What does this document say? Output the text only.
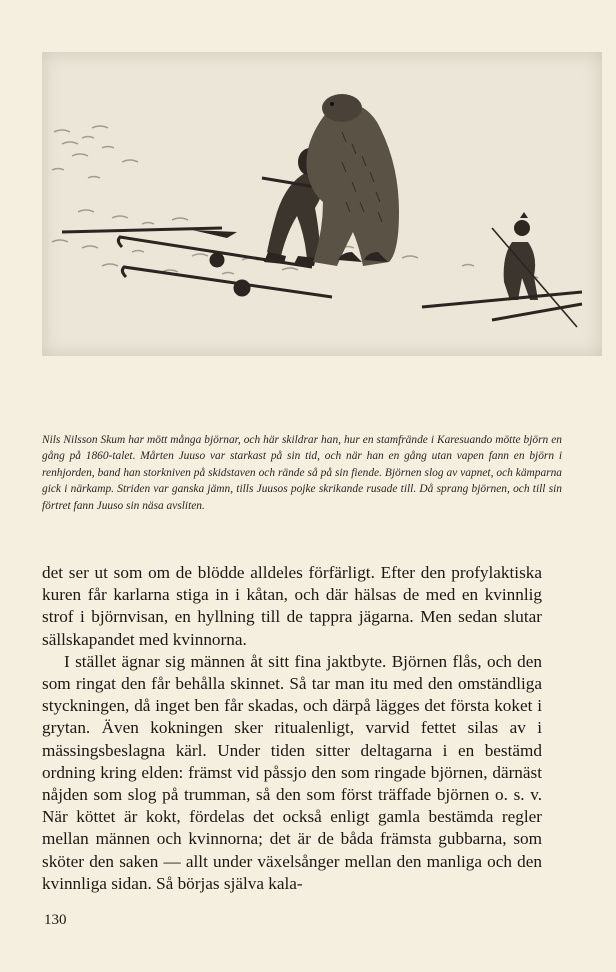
Nils Nilsson Skum har mött många björnar, och här skildrar han, hur en stamfrände i Karesuando mötte björn en gång på 1860-talet. Mårten Juuso var starkast på sin tid, och när han en gång utan vapen fann en björn i renhjorden, band han storkniven på skidstaven och rände så på sin fiende. Björnen slog av vapnet, och kämparna gick i närkamp. Striden var ganska jämn, tills Juusos pojke skrikande rusade till. Då sprang björnen, och till sin förtret fann Juuso sin näsa avsliten.

det ser ut som om de blödde alldeles förfärligt. Efter den profylaktiska kuren får karlarna stiga in i kåtan, och där hälsas de med en kvinnlig strof i björnvisan, en hyllning till de tappra jägarna. Men sedan slutar sällskapandet med kvinnorna.

I stället ägnar sig männen åt sitt fina jaktbyte. Björnen flås, och den som ringat den får behålla skinnet. Så tar man itu med den omständliga styckningen, då inget ben får skadas, och därpå lägges det första koket i grytan. Även kokningen sker ritualenligt, varvid fettet silas av i mässingsbeslagna kärl. Under tiden sitter deltagarna i en bestämd ordning kring elden: främst vid påssjo den som ringade björnen, därnäst nåjden som slog på trumman, så den som först träffade björnen o. s. v. När köttet är kokt, fördelas det också enligt gamla bestämda regler mellan männen och kvinnorna; det är de båda främsta gubbarna, som sköter den saken — allt under växelsånger mellan den manliga och den kvinnliga sidan. Så börjas själva kala-

130
